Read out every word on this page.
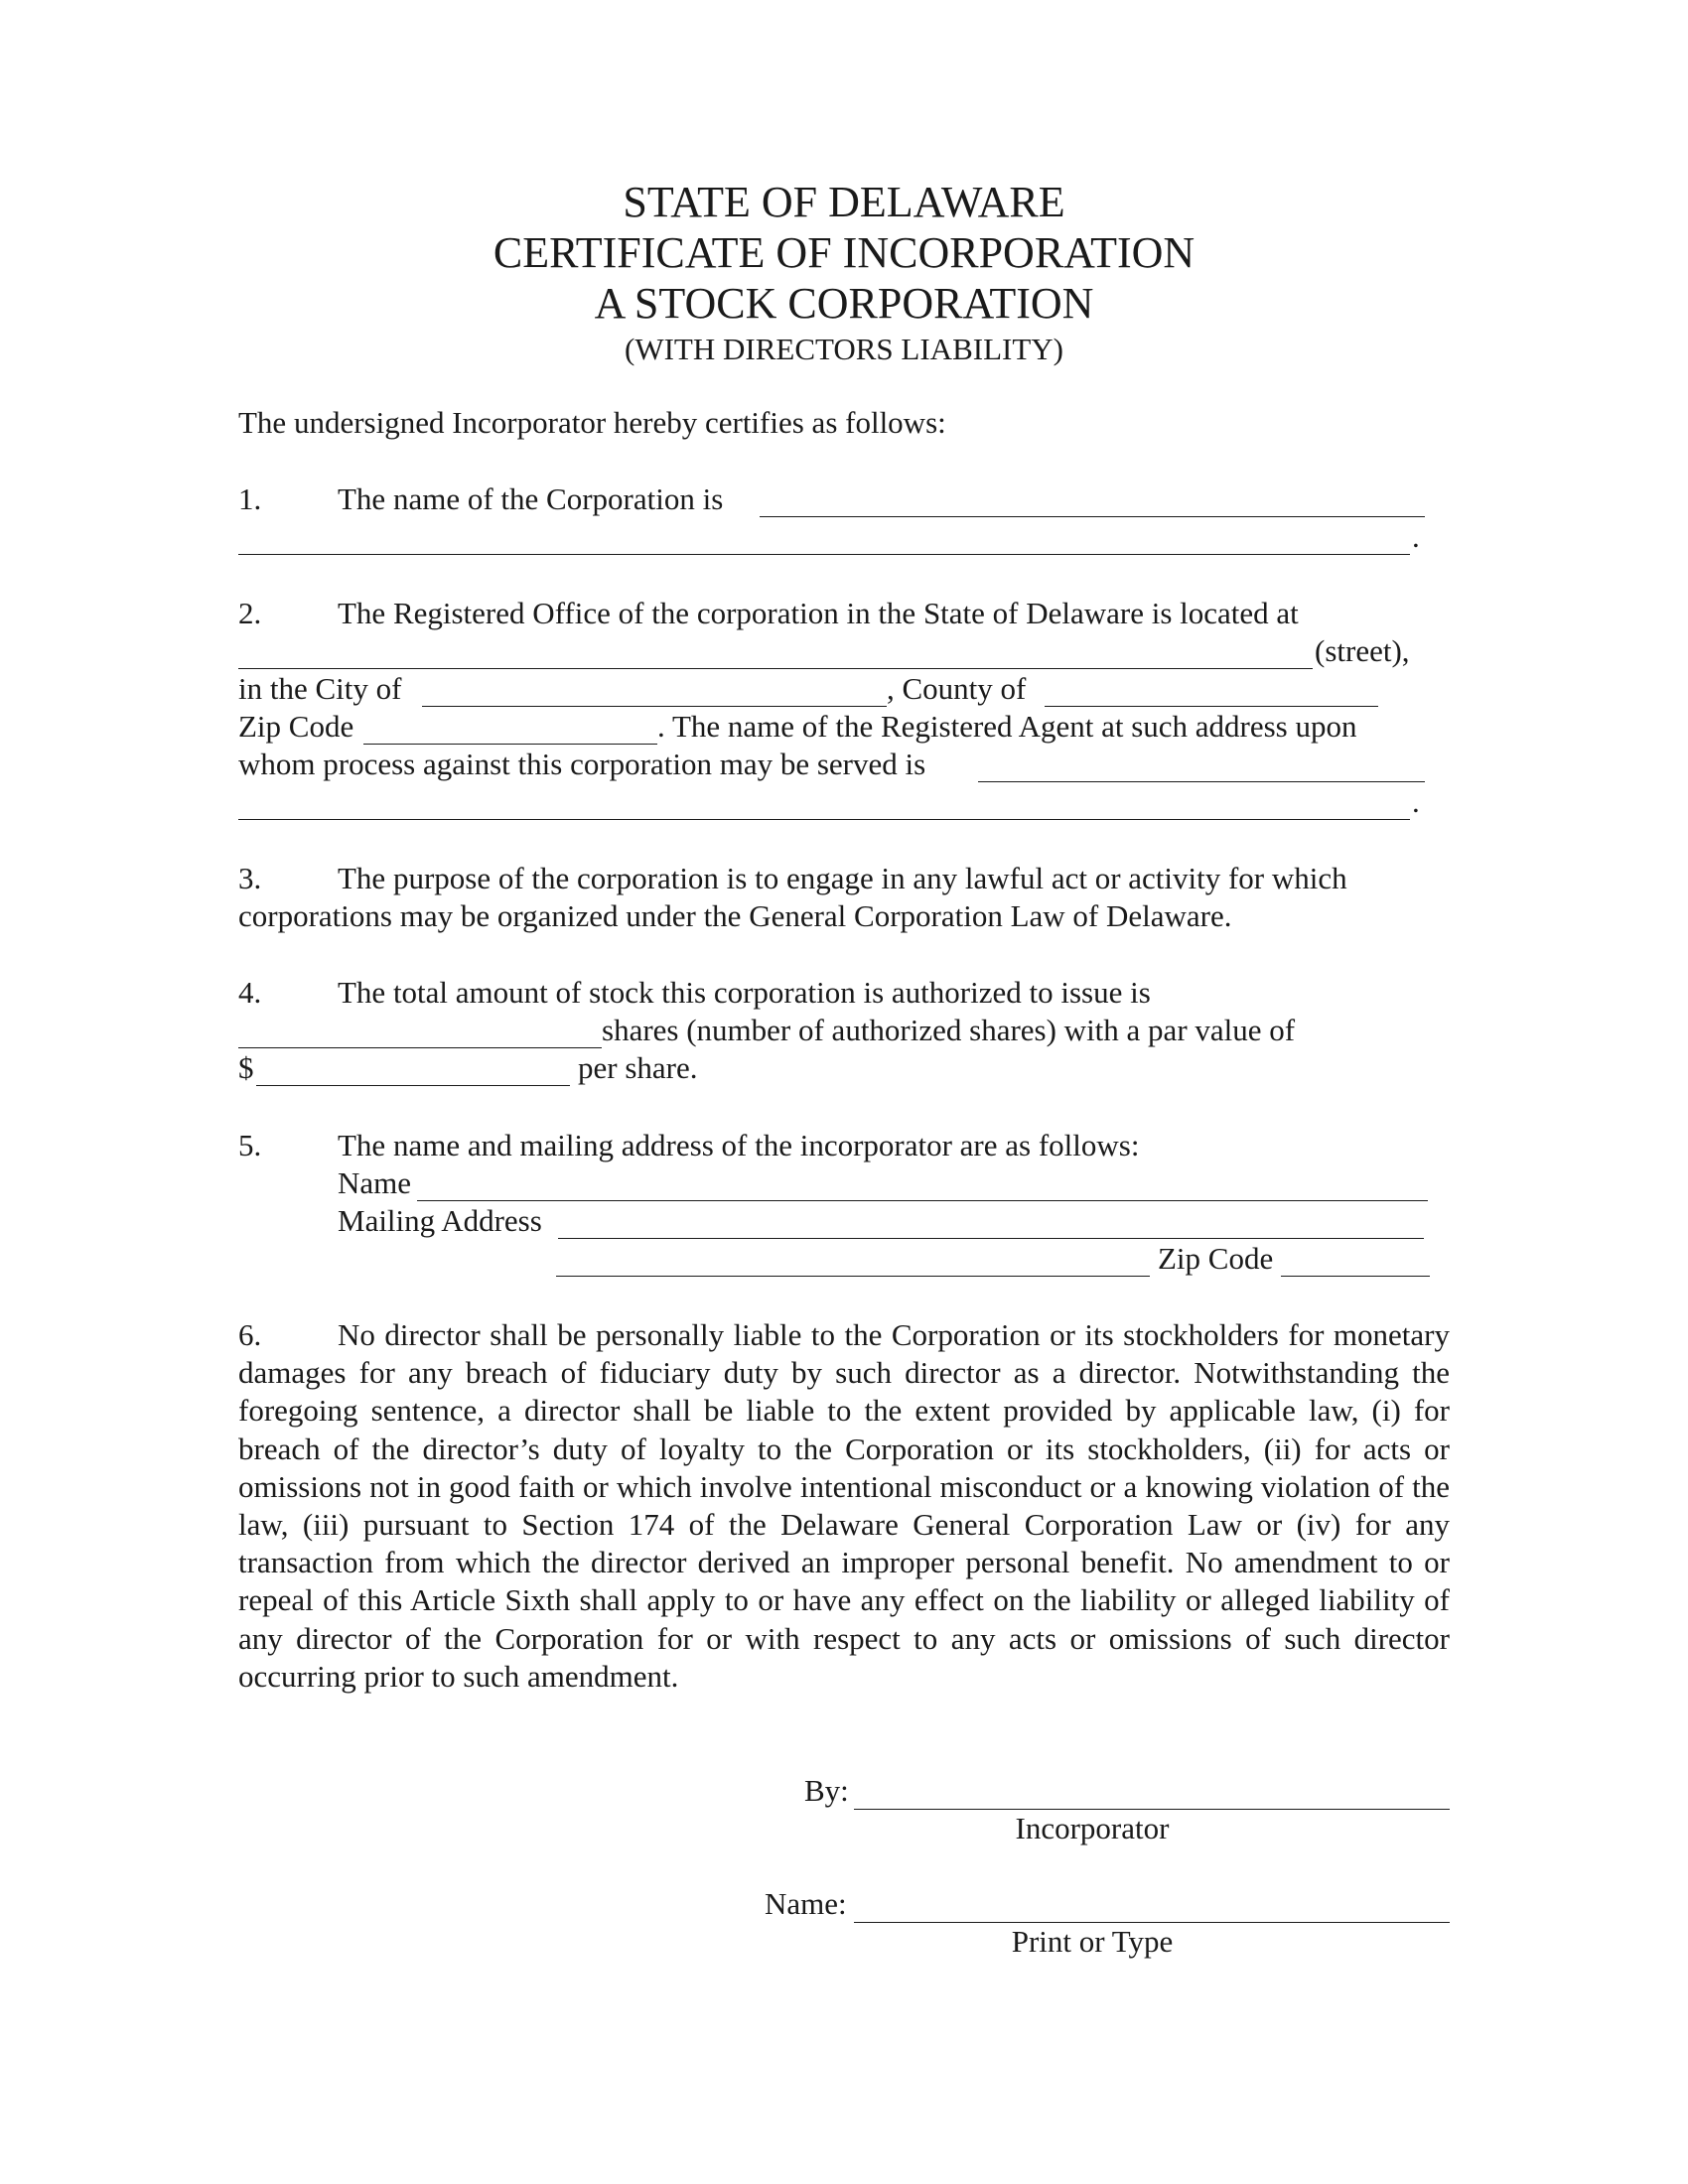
STATE OF DELAWARE
CERTIFICATE OF INCORPORATION
A STOCK CORPORATION
(WITH DIRECTORS LIABILITY)
The undersigned Incorporator hereby certifies as follows:
1. The name of the Corporation is
.
2. The Registered Office of the corporation in the State of Delaware is located at
(street),
in the City of	, County of
Zip Code	. The name of the Registered Agent at such address upon
whom process against this corporation may be served is
.
3. The purpose of the corporation is to engage in any lawful act or activity for which
corporations may be organized under the General Corporation Law of Delaware.
4. The total amount of stock this corporation is authorized to issue is
shares (number of authorized shares) with a par value of
$	per share.
5. The name and mailing address of the incorporator are as follows:
Name
Mailing Address
Zip Code
6. No director shall be personally liable to the Corporation or its stockholders for monetary damages for any breach of fiduciary duty by such director as a director. Notwithstanding the foregoing sentence, a director shall be liable to the extent provided by applicable law, (i) for breach of the director’s duty of loyalty to the Corporation or its stockholders, (ii) for acts or omissions not in good faith or which involve intentional misconduct or a knowing violation of the law, (iii) pursuant to Section 174 of the Delaware General Corporation Law or (iv) for any transaction from which the director derived an improper personal benefit. No amendment to or repeal of this Article Sixth shall apply to or have any effect on the liability or alleged liability of any director of the Corporation for or with respect to any acts or omissions of such director occurring prior to such amendment.
By:
Incorporator
Name:
Print or Type
